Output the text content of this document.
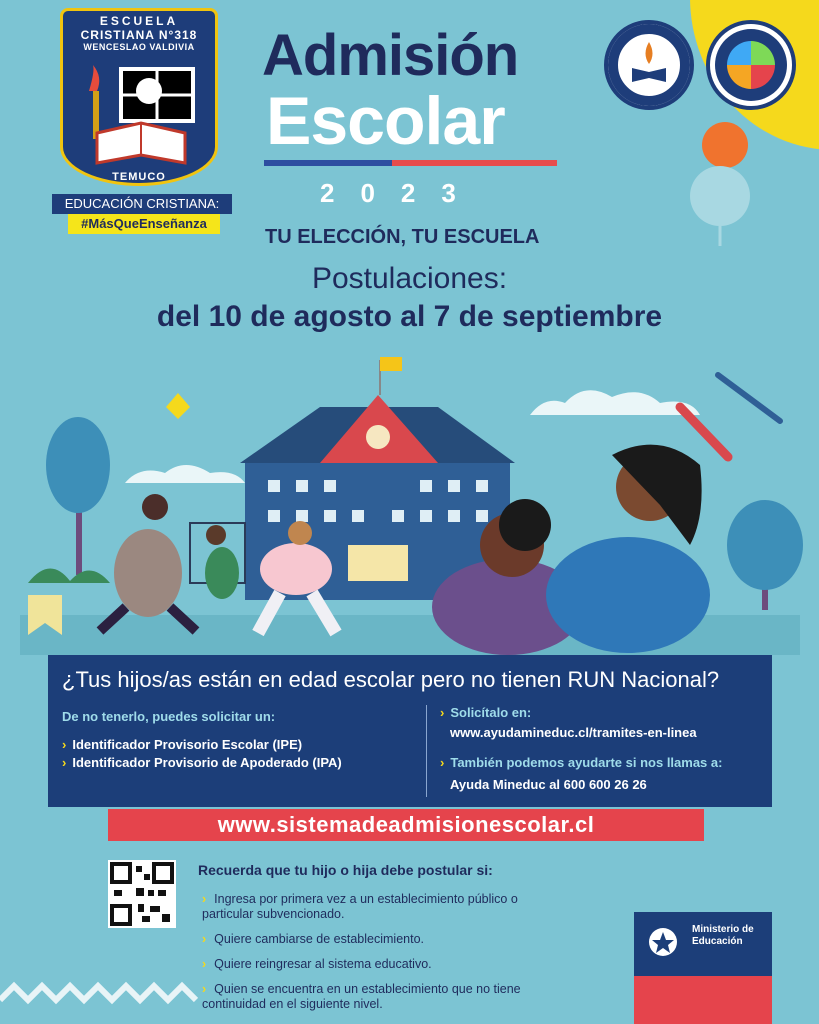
ESCUELA
CRISTIANA N°318
WENCESLAO VALDIVIA
TEMUCO
EDUCACIÓN CRISTIANA:
#MásQueEnseñanza
Admisión
Escolar
2023
TU ELECCIÓN, TU ESCUELA
Postulaciones:
del 10 de agosto al 7 de septiembre
¿Tus hijos/as están en edad escolar pero no tienen RUN Nacional?
De no tenerlo, puedes solicitar un:
› Identificador Provisorio Escolar (IPE)
› Identificador Provisorio de Apoderado (IPA)
› Solicítalo en:
www.ayudamineduc.cl/tramites-en-linea
› También podemos ayudarte si nos llamas a:
Ayuda Mineduc al 600 600 26 26
www.sistemadeadmisionescolar.cl
Recuerda que tu hijo o hija debe postular si:
› Ingresa por primera vez a un establecimiento público o particular subvencionado.
› Quiere cambiarse de establecimiento.
› Quiere reingresar al sistema educativo.
› Quien se encuentra en un establecimiento que no tiene continuidad en el siguiente nivel.
Ministerio de Educación
